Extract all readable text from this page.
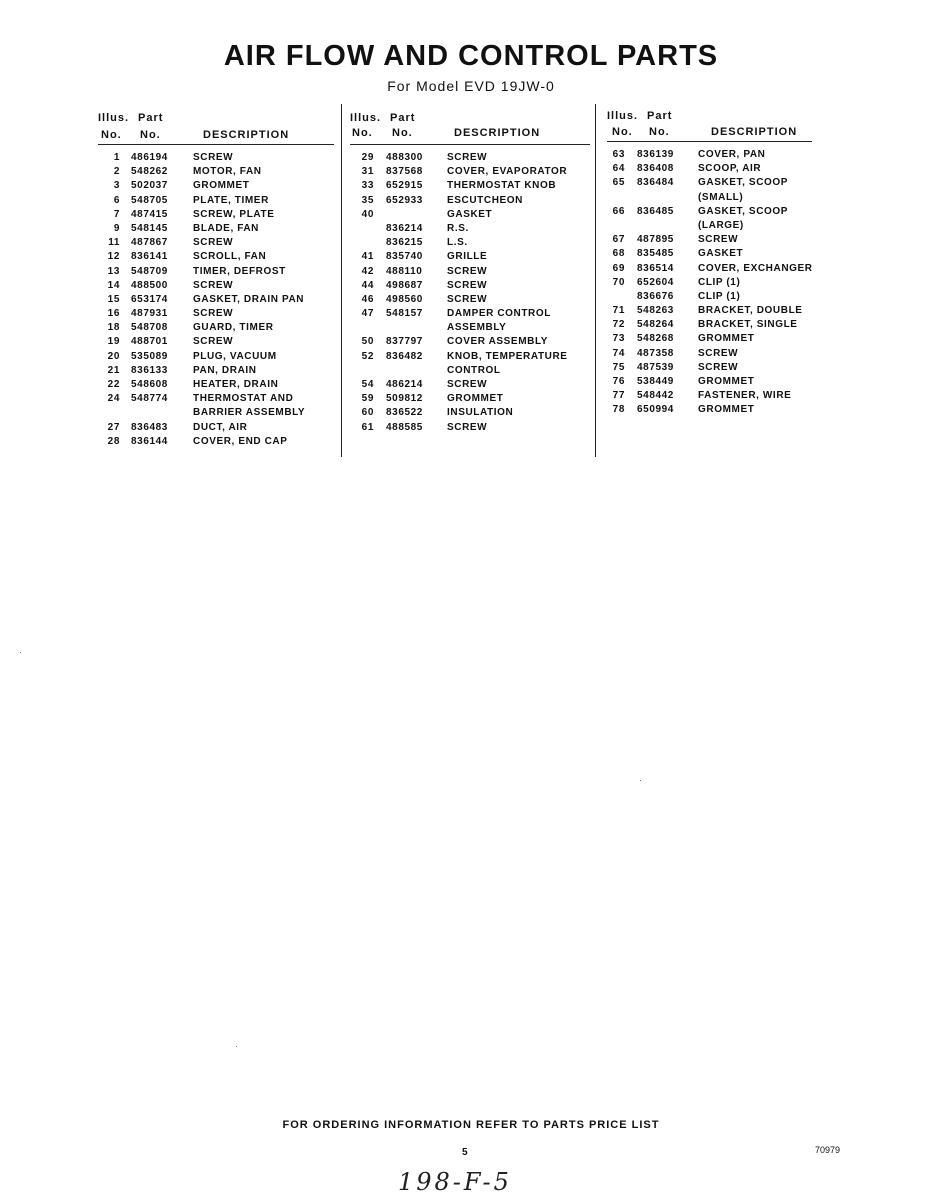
AIR FLOW AND CONTROL PARTS
For Model EVD 19JW-0
Illus. Part
No. No.	DESCRIPTION
1 486194	SCREW
2 548262	MOTOR, FAN
3 502037	GROMMET
6 548705	PLATE, TIMER
7 487415	SCREW, PLATE
9 548145	BLADE, FAN
11 487867	SCREW
12 836141	SCROLL, FAN
13 548709	TIMER, DEFROST
14 488500	SCREW
15 653174	GASKET, DRAIN PAN
16 487931	SCREW
18 548708	GUARD, TIMER
19 488701	SCREW
20 535089	PLUG, VACUUM
21 836133	PAN, DRAIN
22 548608	HEATER, DRAIN
24 548774	THERMOSTAT AND
BARRIER ASSEMBLY
27 836483	DUCT, AIR
28 836144	COVER, END CAP
Illus. Part
No. No.	DESCRIPTION
29 488300 SCREW
31 837568 COVER, EVAPORATOR
33 652915 THERMOSTAT KNOB
35 652933 ESCUTCHEON
40	GASKET
836214 R.S.
836215 L.S.
41 835740 GRILLE
42 488110 SCREW
44 498687 SCREW
46 498560 SCREW
47 548157 DAMPER CONTROL
ASSEMBLY
50 837797 COVER ASSEMBLY
52 836482 KNOB, TEMPERATURE
CONTROL
54 486214 SCREW
59 509812 GROMMET
60 836522 INSULATION
61 488585 SCREW
Illus. Part
No. No.	DESCRIPTION
63 836139 COVER, PAN
64 836408 SCOOP, AIR
65 836484 GASKET, SCOOP
(SMALL)
66 836485 GASKET, SCOOP
(LARGE)
67 487895 SCREW
68 835485 GASKET
69 836514 COVER, EXCHANGER
70 652604 CLIP (1)
836676 CLIP (1)
71 548263 BRACKET, DOUBLE
72 548264 BRACKET, SINGLE
73 548268 GROMMET
74 487358 SCREW
75 487539 SCREW
76 538449 GROMMET
77 548442 FASTENER, WIRE
78 650994 GROMMET
FOR ORDERING INFORMATION REFER TO PARTS PRICE LIST
5	70979
198-F-5
